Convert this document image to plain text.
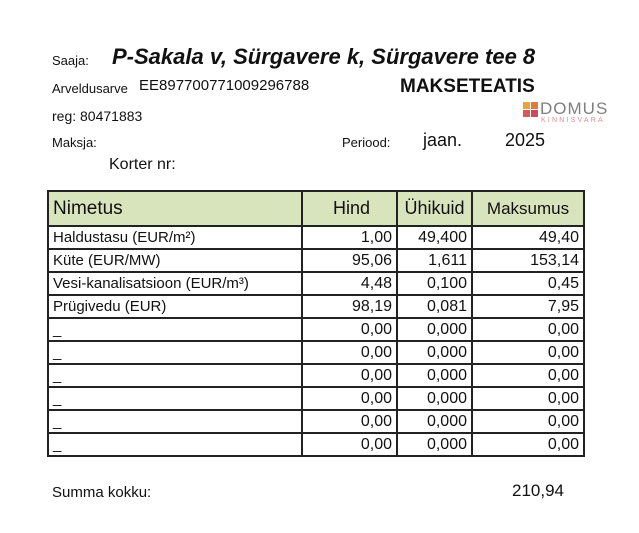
Saaja: P-Sakala v, Sürgavere k, Sürgavere tee 8
Arveldusarve EE897700771009296788	MAKSETEATIS
DOMUS
KINNISVARA
reg: 80471883
Maksja:	Periood: jaan. 2025
Korter nr:
Nimetus	Hind	Ühikuid	Maksumus
Haldustasu (EUR/m²)	1,00	49,400	49,40
Küte (EUR/MW)	95,06	1,611	153,14
Vesi-kanalisatsioon (EUR/m³)	4,48	0,100	0,45
Prügivedu (EUR)	98,19	0,081	7,95
_	0,00	0,000	0,00
_	0,00	0,000	0,00
_	0,00	0,000	0,00
_	0,00	0,000	0,00
_	0,00	0,000	0,00
_	0,00	0,000	0,00
Summa kokku:	210,94
